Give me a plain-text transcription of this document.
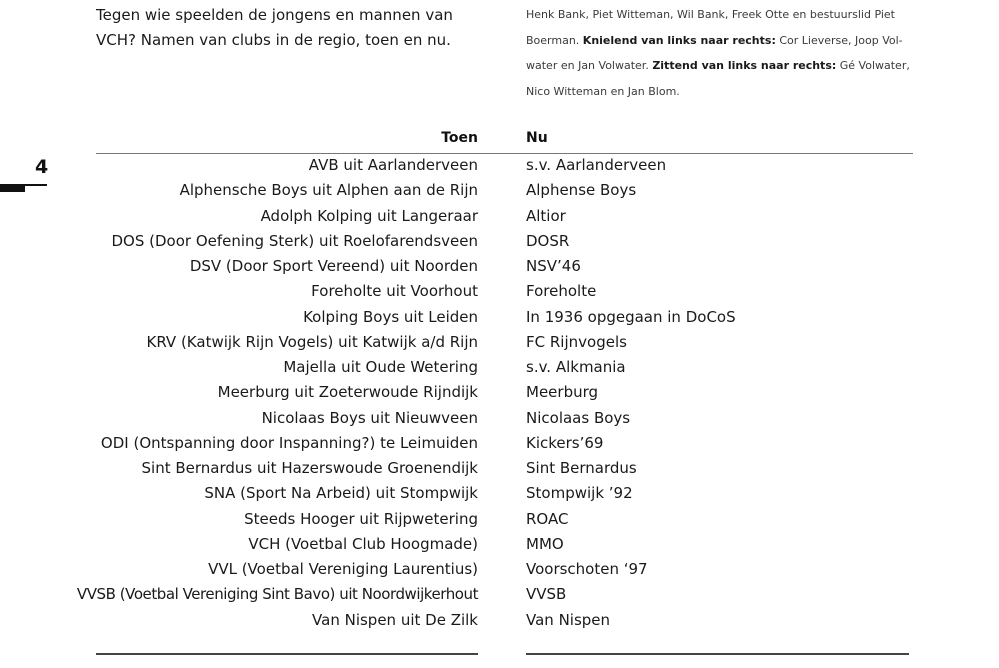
Tegen wie speelden de jongens en mannen van
VCH? Namen van clubs in de regio, toen en nu.

Henk Bank, Piet Witteman, Wil Bank, Freek Otte en bestuurslid Piet
Boerman. Knielend van links naar rechts: Cor Lieverse, Joop Vol-
water en Jan Volwater. Zittend van links naar rechts: Gé Volwater,
Nico Witteman en Jan Blom.

4
Toen	Nu
AVB uit Aarlanderveen	s.v. Aarlanderveen
Alphensche Boys uit Alphen aan de Rijn	Alphense Boys
Adolph Kolping uit Langeraar	Altior
DOS (Door Oefening Sterk) uit Roelofarendsveen	DOSR
DSV (Door Sport Vereend) uit Noorden	NSV’46
Foreholte uit Voorhout	Foreholte
Kolping Boys uit Leiden	In 1936 opgegaan in DoCoS
KRV (Katwijk Rijn Vogels) uit Katwijk a/d Rijn	FC Rijnvogels
Majella uit Oude Wetering	s.v. Alkmania
Meerburg uit Zoeterwoude Rijndijk	Meerburg
Nicolaas Boys uit Nieuwveen	Nicolaas Boys
ODI (Ontspanning door Inspanning?) te Leimuiden	Kickers’69
Sint Bernardus uit Hazerswoude Groenendijk	Sint Bernardus
SNA (Sport Na Arbeid) uit Stompwijk	Stompwijk ’92
Steeds Hooger uit Rijpwetering	ROAC
VCH (Voetbal Club Hoogmade)	MMO
VVL (Voetbal Vereniging Laurentius)	Voorschoten ‘97
VVSB (Voetbal Vereniging Sint Bavo) uit Noordwijkerhout	VVSB
Van Nispen uit De Zilk	Van Nispen
